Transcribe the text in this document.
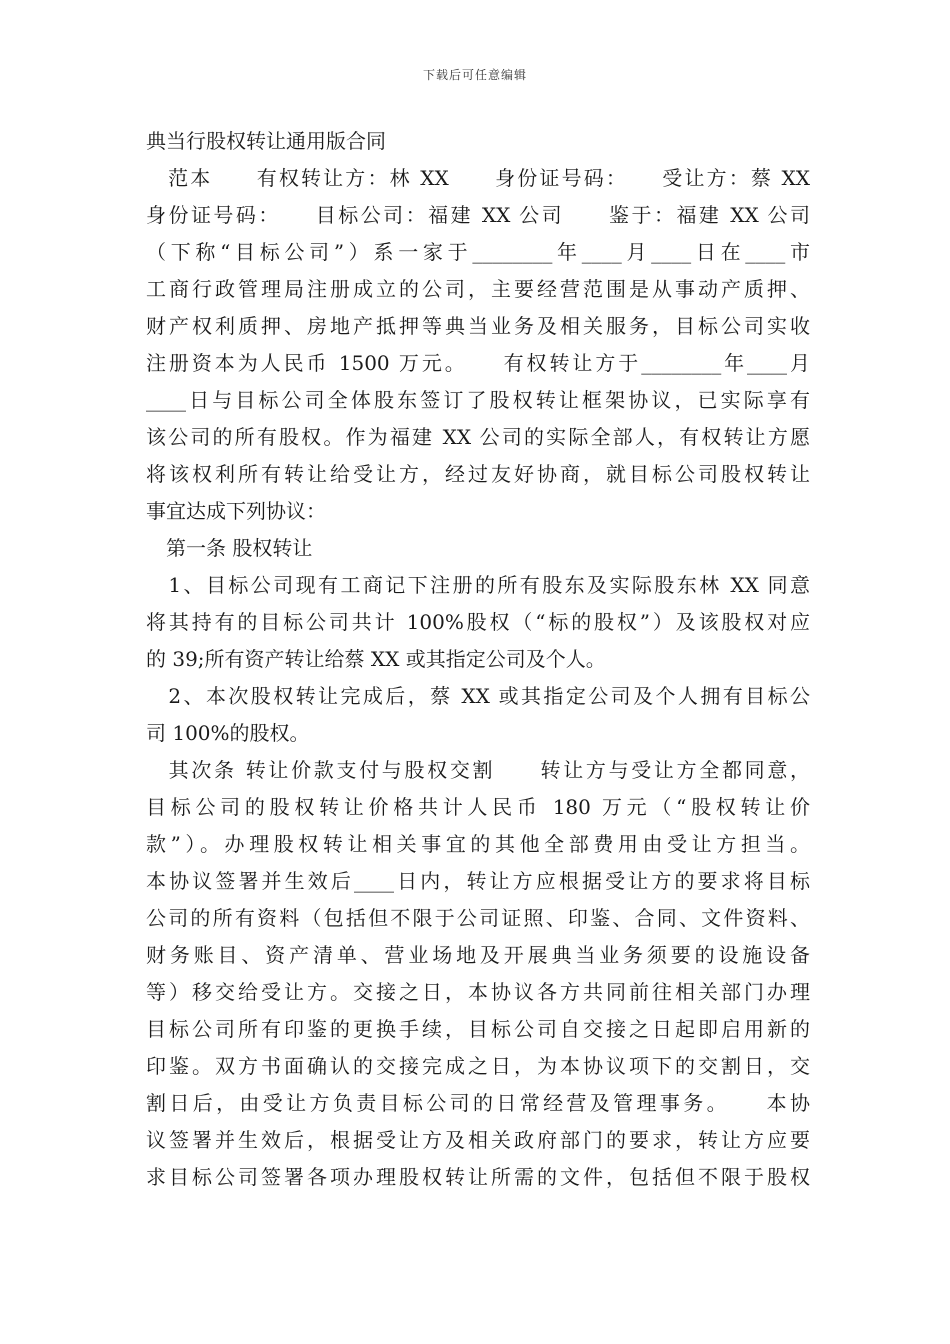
下载后可任意编辑
典当行股权转让通用版合同
　范本　　有权转让方：林 XX　　身份证号码：　　受让方：蔡 XX
身份证号码：　　目标公司：福建 XX 公司　　鉴于：福建 XX 公司
（下称“目标公司”）系一家于________年____月____日在____市
工商行政管理局注册成立的公司，主要经营范围是从事动产质押、
财产权利质押、房地产抵押等典当业务及相关服务，目标公司实收
注册资本为人民币 1500 万元。　　有权转让方于________年____月
____日与目标公司全体股东签订了股权转让框架协议，已实际享有
该公司的所有股权。作为福建 XX 公司的实际全部人，有权转让方愿
将该权利所有转让给受让方，经过友好协商，就目标公司股权转让
事宜达成下列协议：
　第一条 股权转让
　1、目标公司现有工商记下注册的所有股东及实际股东林 XX 同意
将其持有的目标公司共计 100%股权（“标的股权”）及该股权对应
的 39;所有资产转让给蔡 XX 或其指定公司及个人。
　2、本次股权转让完成后，蔡 XX 或其指定公司及个人拥有目标公
司 100%的股权。
　其次条 转让价款支付与股权交割　　转让方与受让方全都同意，
目标公司的股权转让价格共计人民币 180 万元（“股权转让价
款”）。办理股权转让相关事宜的其他全部费用由受让方担当。
本协议签署并生效后____日内，转让方应根据受让方的要求将目标
公司的所有资料（包括但不限于公司证照、印鉴、合同、文件资料、
财务账目、资产清单、营业场地及开展典当业务须要的设施设备
等）移交给受让方。交接之日，本协议各方共同前往相关部门办理
目标公司所有印鉴的更换手续，目标公司自交接之日起即启用新的
印鉴。双方书面确认的交接完成之日，为本协议项下的交割日，交
割日后，由受让方负责目标公司的日常经营及管理事务。　　本协
议签署并生效后，根据受让方及相关政府部门的要求，转让方应要
求目标公司签署各项办理股权转让所需的文件，包括但不限于股权
